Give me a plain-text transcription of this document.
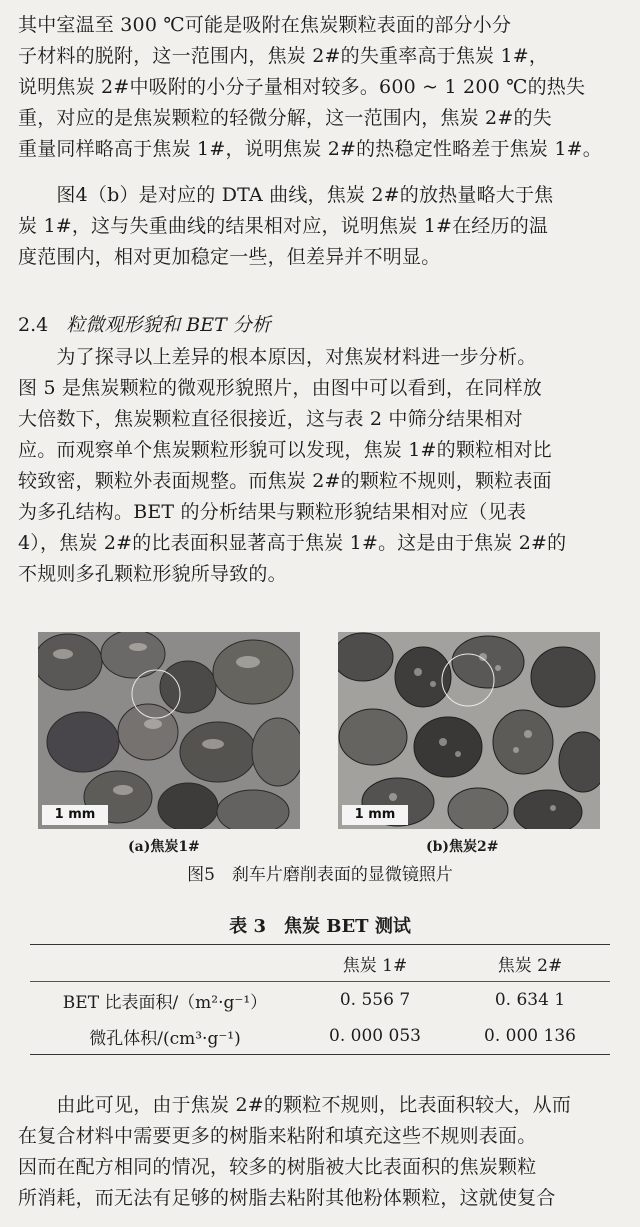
其中室温至 300 ℃可能是吸附在焦炭颗粒表面的部分小分
子材料的脱附，这一范围内，焦炭 2#的失重率高于焦炭 1#，
说明焦炭 2#中吸附的小分子量相对较多。600 ~ 1 200 ℃的热失
重，对应的是焦炭颗粒的轻微分解，这一范围内，焦炭 2#的失
重量同样略高于焦炭 1#，说明焦炭 2#的热稳定性略差于焦炭 1#。
　　图4（b）是对应的 DTA 曲线，焦炭 2#的放热量略大于焦
炭 1#，这与失重曲线的结果相对应，说明焦炭 1#在经历的温
度范围内，相对更加稳定一些，但差异并不明显。
2.4 粒微观形貌和 BET 分析
　　为了探寻以上差异的根本原因，对焦炭材料进一步分析。
图 5 是焦炭颗粒的微观形貌照片，由图中可以看到，在同样放
大倍数下，焦炭颗粒直径很接近，这与表 2 中筛分结果相对
应。而观察单个焦炭颗粒形貌可以发现，焦炭 1#的颗粒相对比
较致密，颗粒外表面规整。而焦炭 2#的颗粒不规则，颗粒表面
为多孔结构。BET 的分析结果与颗粒形貌结果相对应（见表
4），焦炭 2#的比表面积显著高于焦炭 1#。这是由于焦炭 2#的
不规则多孔颗粒形貌所导致的。
1 mm	1 mm
(a)焦炭1#	(b)焦炭2#
图5　刹车片磨削表面的显微镜照片
表 3　焦炭 BET 测试
	焦炭 1#	焦炭 2#
BET 比表面积/（m²·g⁻¹）	0. 556 7	0. 634 1
微孔体积/(cm³·g⁻¹)	0. 000 053	0. 000 136
　　由此可见，由于焦炭 2#的颗粒不规则，比表面积较大，从而
在复合材料中需要更多的树脂来粘附和填充这些不规则表面。
因而在配方相同的情况，较多的树脂被大比表面积的焦炭颗粒
所消耗，而无法有足够的树脂去粘附其他粉体颗粒，这就使复合
